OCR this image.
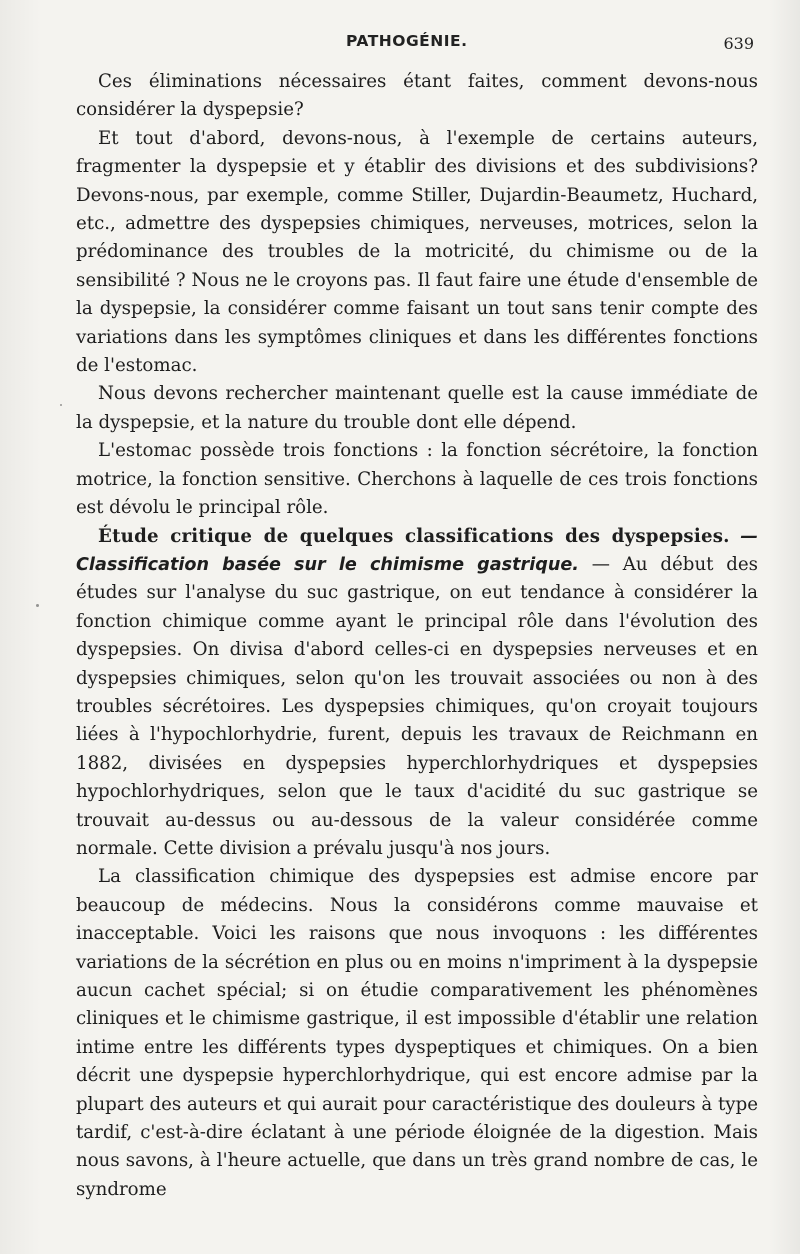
PATHOGÉNIE.	639

Ces éliminations nécessaires étant faites, comment devons-nous considérer la dyspepsie?

Et tout d'abord, devons-nous, à l'exemple de certains auteurs, fragmenter la dyspepsie et y établir des divisions et des subdivisions? Devons-nous, par exemple, comme Stiller, Dujardin-Beaumetz, Huchard, etc., admettre des dyspepsies chimiques, nerveuses, motrices, selon la prédominance des troubles de la motricité, du chimisme ou de la sensibilité ? Nous ne le croyons pas. Il faut faire une étude d'ensemble de la dyspepsie, la considérer comme faisant un tout sans tenir compte des variations dans les symptômes cliniques et dans les différentes fonctions de l'estomac.

Nous devons rechercher maintenant quelle est la cause immédiate de la dyspepsie, et la nature du trouble dont elle dépend.

L'estomac possède trois fonctions : la fonction sécrétoire, la fonction motrice, la fonction sensitive. Cherchons à laquelle de ces trois fonctions est dévolu le principal rôle.

Étude critique de quelques classifications des dyspepsies. — Classification basée sur le chimisme gastrique. — Au début des études sur l'analyse du suc gastrique, on eut tendance à considérer la fonction chimique comme ayant le principal rôle dans l'évolution des dyspepsies. On divisa d'abord celles-ci en dyspepsies nerveuses et en dyspepsies chimiques, selon qu'on les trouvait associées ou non à des troubles sécrétoires. Les dyspepsies chimiques, qu'on croyait toujours liées à l'hypochlorhydrie, furent, depuis les travaux de Reichmann en 1882, divisées en dyspepsies hyperchlorhydriques et dyspepsies hypochlorhydriques, selon que le taux d'acidité du suc gastrique se trouvait au-dessus ou au-dessous de la valeur considérée comme normale. Cette division a prévalu jusqu'à nos jours.

La classification chimique des dyspepsies est admise encore par beaucoup de médecins. Nous la considérons comme mauvaise et inacceptable. Voici les raisons que nous invoquons : les différentes variations de la sécrétion en plus ou en moins n'impriment à la dyspepsie aucun cachet spécial; si on étudie comparativement les phénomènes cliniques et le chimisme gastrique, il est impossible d'établir une relation intime entre les différents types dyspeptiques et chimiques. On a bien décrit une dyspepsie hyperchlorhydrique, qui est encore admise par la plupart des auteurs et qui aurait pour caractéristique des douleurs à type tardif, c'est-à-dire éclatant à une période éloignée de la digestion. Mais nous savons, à l'heure actuelle, que dans un très grand nombre de cas, le syndrome
